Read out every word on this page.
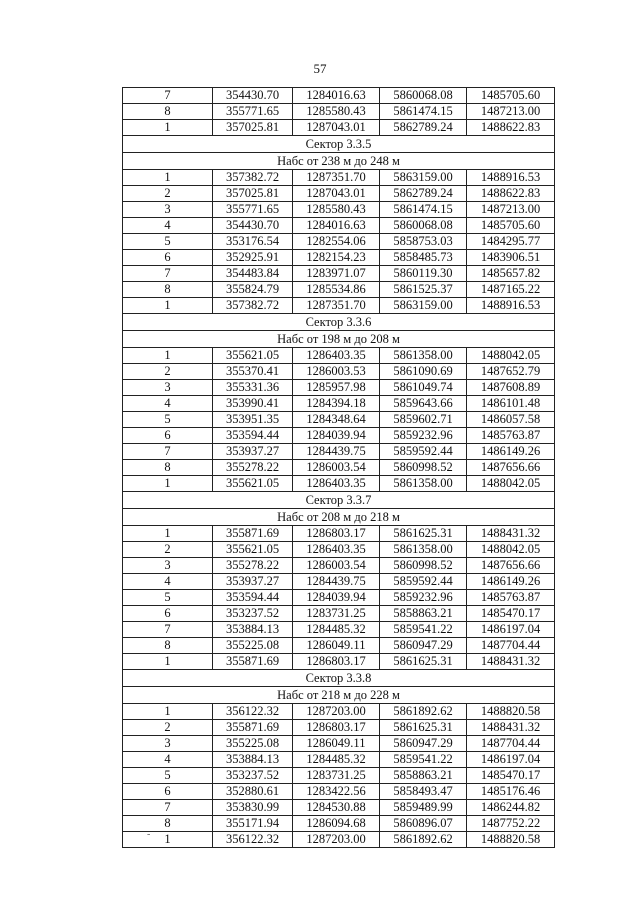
57
7	354430.70	1284016.63	5860068.08	1485705.60
8	355771.65	1285580.43	5861474.15	1487213.00
1	357025.81	1287043.01	5862789.24	1488622.83
Сектор 3.3.5				
Набс от 238 м до 248 м				
1	357382.72	1287351.70	5863159.00	1488916.53
2	357025.81	1287043.01	5862789.24	1488622.83
3	355771.65	1285580.43	5861474.15	1487213.00
4	354430.70	1284016.63	5860068.08	1485705.60
5	353176.54	1282554.06	5858753.03	1484295.77
6	352925.91	1282154.23	5858485.73	1483906.51
7	354483.84	1283971.07	5860119.30	1485657.82
8	355824.79	1285534.86	5861525.37	1487165.22
1	357382.72	1287351.70	5863159.00	1488916.53
Сектор 3.3.6				
Набс от 198 м до 208 м				
1	355621.05	1286403.35	5861358.00	1488042.05
2	355370.41	1286003.53	5861090.69	1487652.79
3	355331.36	1285957.98	5861049.74	1487608.89
4	353990.41	1284394.18	5859643.66	1486101.48
5	353951.35	1284348.64	5859602.71	1486057.58
6	353594.44	1284039.94	5859232.96	1485763.87
7	353937.27	1284439.75	5859592.44	1486149.26
8	355278.22	1286003.54	5860998.52	1487656.66
1	355621.05	1286403.35	5861358.00	1488042.05
Сектор 3.3.7				
Набс от 208 м до 218 м				
1	355871.69	1286803.17	5861625.31	1488431.32
2	355621.05	1286403.35	5861358.00	1488042.05
3	355278.22	1286003.54	5860998.52	1487656.66
4	353937.27	1284439.75	5859592.44	1486149.26
5	353594.44	1284039.94	5859232.96	1485763.87
6	353237.52	1283731.25	5858863.21	1485470.17
7	353884.13	1284485.32	5859541.22	1486197.04
8	355225.08	1286049.11	5860947.29	1487704.44
1	355871.69	1286803.17	5861625.31	1488431.32
Сектор 3.3.8				
Набс от 218 м до 228 м				
1	356122.32	1287203.00	5861892.62	1488820.58
2	355871.69	1286803.17	5861625.31	1488431.32
3	355225.08	1286049.11	5860947.29	1487704.44
4	353884.13	1284485.32	5859541.22	1486197.04
5	353237.52	1283731.25	5858863.21	1485470.17
6	352880.61	1283422.56	5858493.47	1485176.46
7	353830.99	1284530.88	5859489.99	1486244.82
8	355171.94	1286094.68	5860896.07	1487752.22
1	356122.32	1287203.00	5861892.62	1488820.58
-
